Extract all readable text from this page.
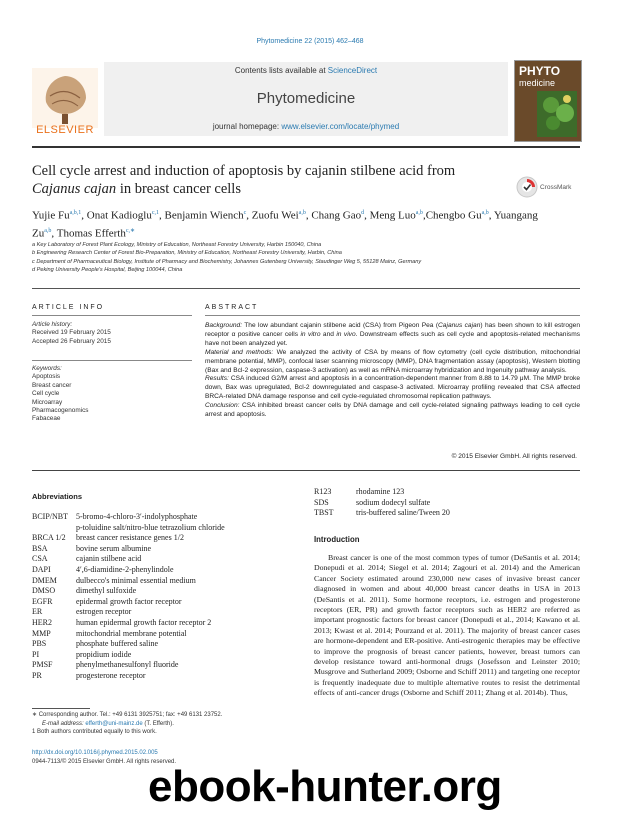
Phytomedicine 22 (2015) 462–468
ELSEVIER
Contents lists available at ScienceDirect
Phytomedicine
journal homepage: www.elsevier.com/locate/phymed
PHYTO
medicine
Cell cycle arrest and induction of apoptosis by cajanin stilbene acid from Cajanus cajan in breast cancer cells	CrossMark
Yujie Fu$^{a,b,1}$, Onat Kadioglu$^{c,1}$, Benjamin Wiench$^c$, Zuofu Wei$^{a,b}$, Chang Gao$^d$, Meng Luo$^{a,b}$,Chengbo Gu$^{a,b}$, Yuangang Zu$^{a,b}$, Thomas Efferth$^{c,∗}$
a Key Laboratory of Forest Plant Ecology, Ministry of Education, Northeast Forestry University, Harbin 150040, China
b Engineering Research Center of Forest Bio-Preparation, Ministry of Education, Northeast Forestry University, Harbin, China
c Department of Pharmaceutical Biology, Institute of Pharmacy and Biochemistry, Johannes Gutenberg University, Staudinger Weg 5, 55128 Mainz, Germany
d Peking University People's Hospital, Beijing 100044, China
ARTICLE INFO
Article history:
Received 19 February 2015
Accepted 26 February 2015
Keywords:
Apoptosis
Breast cancer
Cell cycle
Microarray
Pharmacogenomics
Fabaceae
ABSTRACT

Background: The low abundant cajanin stilbene acid (CSA) from Pigeon Pea (Cajanus cajan) has been shown to kill estrogen receptor α positive cancer cells in vitro and in vivo. Downstream effects such as cell cycle and apoptosis-related mechanisms have not been analyzed yet.

Material and methods: We analyzed the activity of CSA by means of flow cytometry (cell cycle distribution, mitochondrial membrane potential, MMP), confocal laser scanning microscopy (MMP), DNA fragmentation assay (apoptosis), Western blotting (Bax and Bcl-2 expression, caspase-3 activation) as well as mRNA microarray hybridization and Ingenuity pathway analysis.

Results: CSA induced G2/M arrest and apoptosis in a concentration-dependent manner from 8.88 to 14.79 μM. The MMP broke down, Bax was upregulated, Bcl-2 downregulated and caspase-3 activated. Microarray profiling revealed that CSA affected BRCA-related DNA damage response and cell cycle-regulated chromosomal replication pathways.

Conclusion: CSA inhibited breast cancer cells by DNA damage and cell cycle-related signaling pathways leading to cell cycle arrest and apoptosis.

© 2015 Elsevier GmbH. All rights reserved.
Abbreviations
BCIP/NBT 5-bromo-4-chloro-3′-indolyphosphate
p-toluidine salt/nitro-blue tetrazolium chloride
BRCA 1/2	breast cancer resistance genes 1/2
BSA	bovine serum albumine
CSA	cajanin stilbene acid
DAPI	4′,6-diamidine-2-phenylindole
DMEM	dulbecco's minimal essential medium
DMSO	dimethyl sulfoxide
EGFR	epidermal growth factor receptor
ER	estrogen receptor
HER2	human epidermal growth factor receptor 2
MMP	mitochondrial membrane potential
PBS	phosphate buffered saline
PI	propidium iodide
PMSF	phenylmethanesulfonyl fluoride
PR	progesterone receptor
R123	rhodamine 123
SDS	sodium dodecyl sulfate
TBST	tris-buffered saline/Tween 20
Introduction
Breast cancer is one of the most common types of tumor (DeSantis et al. 2014; Donepudi et al. 2014; Siegel et al. 2014; Zagouri et al. 2014) and the American Cancer Society estimated around 230,000 new cases of invasive breast cancer diagnosed in women and about 40,000 breast cancer deaths in USA in 2013 (DeSantis et al. 2011). Some hormone receptors, i.e. estrogen and progesterone receptors (ER, PR) and growth factor receptors such as HER2 are referred as important prognostic factors for breast cancer (Donepudi et al., 2014; Kawano et al. 2013; Kwast et al. 2014; Pourzand et al. 2011). The majority of breast cancer cases are hormone-dependent and ER-positive. Anti-estrogenic therapies may be effective to improve the prognosis of breast cancer patients, however, breast tumors can develop resistance toward anti-hormonal drugs (Josefsson and Leinster 2010; Musgrove and Sutherland 2009; Osborne and Schiff 2011) and targeting one receptor is frequently inadequate due to multiple alternative routes to resist the detrimental effects of anti-cancer drugs (Osborne and Schiff 2011; Zhang et al. 2014b). Thus,
∗ Corresponding author. Tel.: +49 6131 3925751; fax: +49 6131 23752.
E-mail address: efferth@uni-mainz.de (T. Efferth).
1 Both authors contributed equally to this work.
http://dx.doi.org/10.1016/j.phymed.2015.02.005
0944-7113/© 2015 Elsevier GmbH. All rights reserved.
ebook-hunter.org
